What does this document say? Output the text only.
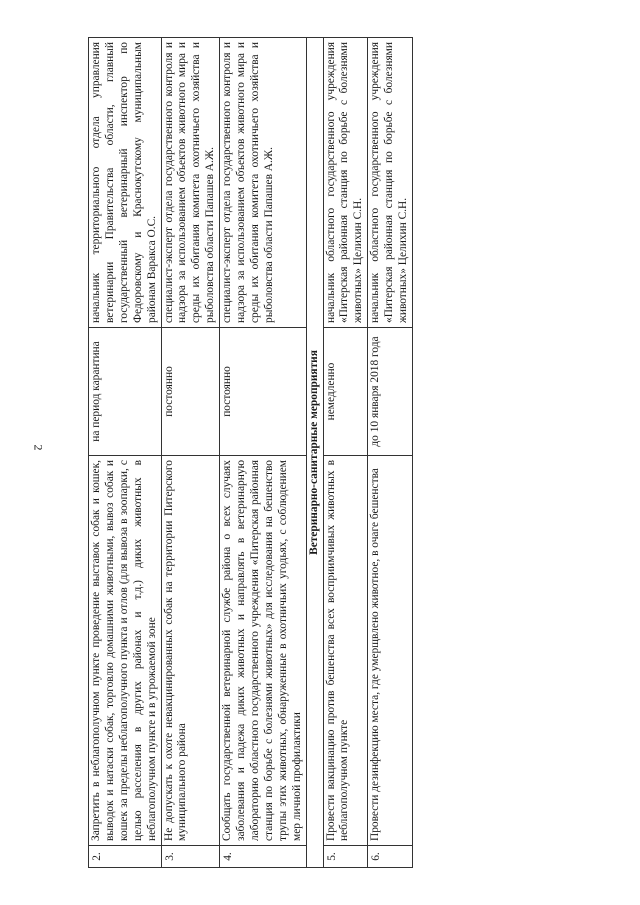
2
2.	Запретить в неблагополучном пункте проведение выставок собак и кошек, выводок и натаски собак, торговлю домашними животными, вывоз собак и кошек за пределы неблагополучного пункта и отлов (для вывоза в зоопарки, с целью расселения в других районах и т.д.) диких животных в неблагополучном пункте и в угрожаемой зоне	на период карантина	начальник территориального отдела управления ветеринарии Правительства области, главный государственный ветеринарный инспектор по Федоровскому и Краснокутскому муниципальным районам Варакса О.С.
3.	Не допускать к охоте невакцинированных собак на территории Питерского муниципального района	постоянно	специалист-эксперт отдела государственного контроля и надзора за использованием объектов животного мира и среды их обитания комитета охотничьего хозяйства и рыболовства области Папашев А.Ж.
4.	Сообщать государственной ветеринарной службе района о всех случаях заболевания и падежа диких животных и направлять в ветеринарную лабораторию областного государственного учреждения «Питерская районная станция по борьбе с болезнями животных» для исследования на бешенство трупы этих животных, обнаруженные в охотничьих угодьях, с соблюдением мер личной профилактики	постоянно	специалист-эксперт отдела государственного контроля и надзора за использованием объектов животного мира и среды их обитания комитета охотничьего хозяйства и рыболовства области Папашев А.Ж.
Ветеринарно-санитарные мероприятия			
5.	Провести вакцинацию против бешенства всех восприимчивых животных в неблагополучном пункте	немедленно	начальник областного государственного учреждения «Питерская районная станция по борьбе с болезнями животных» Целихин С.Н.
6.	Провести дезинфекцию места, где умерщвлено животное, в очаге бешенства	до 10 января 2018 года	начальник областного государственного учреждения «Питерская районная станция по борьбе с болезнями животных» Целихин С.Н.
